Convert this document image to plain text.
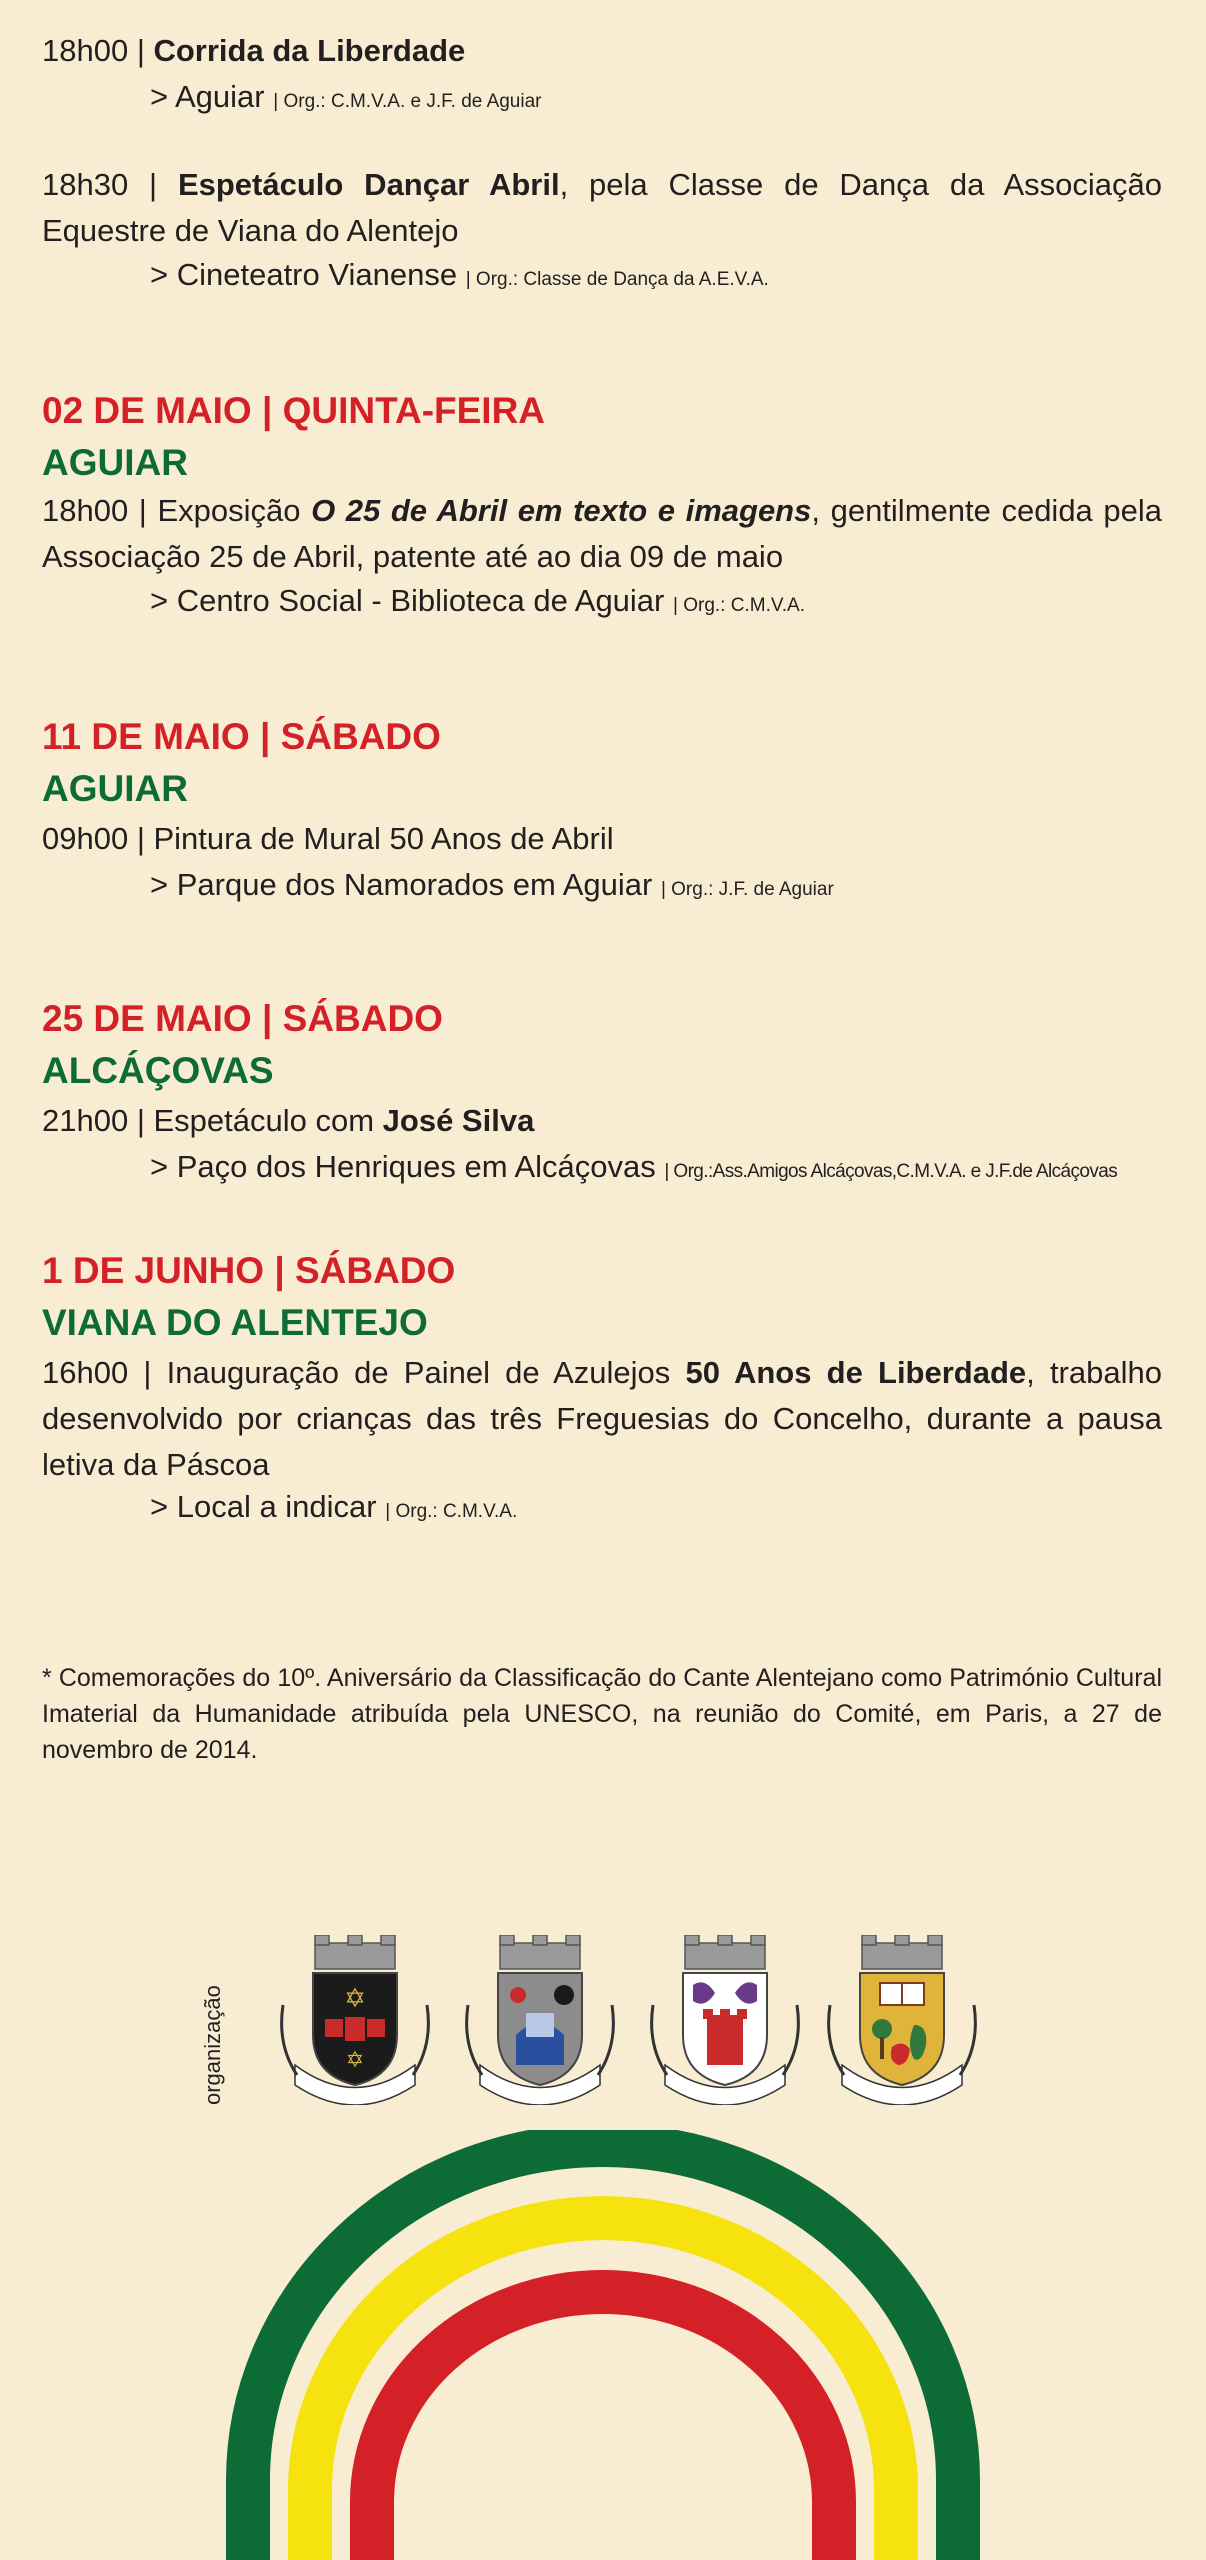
18h00 | Corrida da Liberdade
> Aguiar | Org.: C.M.V.A. e J.F. de Aguiar
18h30 | Espetáculo Dançar Abril, pela Classe de Dança da Associação Equestre de Viana do Alentejo
> Cineteatro Vianense | Org.: Classe de Dança da A.E.V.A.
02 DE MAIO | QUINTA-FEIRA
AGUIAR
18h00 | Exposição O 25 de Abril em texto e imagens, gentilmente cedida pela Associação 25 de Abril, patente até ao dia 09 de maio
> Centro Social - Biblioteca de Aguiar | Org.: C.M.V.A.
11 DE MAIO | SÁBADO
AGUIAR
09h00 | Pintura de Mural 50 Anos de Abril
> Parque dos Namorados em Aguiar | Org.: J.F. de Aguiar
25 DE MAIO | SÁBADO
ALCÁÇOVAS
21h00 | Espetáculo com José Silva
> Paço dos Henriques em Alcáçovas | Org.:Ass.Amigos Alcáçovas,C.M.V.A. e J.F.de Alcáçovas
1 DE JUNHO | SÁBADO
VIANA DO ALENTEJO
16h00 | Inauguração de Painel de Azulejos 50 Anos de Liberdade, trabalho desenvolvido por crianças das três Freguesias do Concelho, durante a pausa letiva da Páscoa
> Local a indicar | Org.: C.M.V.A.
* Comemorações do 10º. Aniversário da Classificação do Cante Alentejano como Património Cultural Imaterial da Humanidade atribuída pela UNESCO, na reunião do Comité, em Paris, a 27 de novembro de 2014.
organização	✡
✡
